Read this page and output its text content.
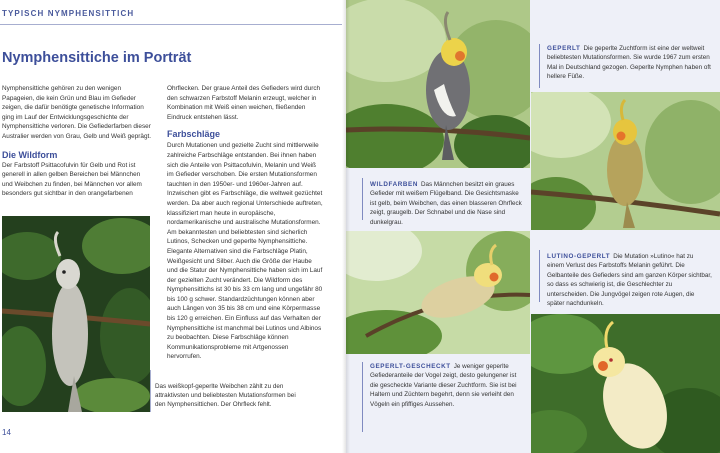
TYPISCH NYMPHENSITTICH
Nymphensittiche im Porträt

Nymphensittiche gehören zu den wenigen Papageien, die kein Grün und Blau im Gefieder zeigen, die dafür benötigte genetische Information ging im Lauf der Entwicklungsgeschichte der Nymphensittiche verloren. Die Gefiederfarben dieser Australier werden von Grau, Gelb und Weiß geprägt.

Die Wildform

Der Farbstoff Psittacofulvin für Gelb und Rot ist generell in allen gelben Bereichen bei Männchen und Weibchen zu finden, bei Männchen vor allem besonders gut sichtbar in den orangefarbenen

Ohrflecken. Der graue Anteil des Gefieders wird durch den schwarzen Farbstoff Melanin erzeugt, welcher in Kombination mit Weiß einen weichen, fließenden Eindruck entstehen lässt.

Farbschläge

Durch Mutationen und gezielte Zucht sind mittlerweile zahlreiche Farbschläge entstanden. Bei ihnen haben sich die Anteile von Psittacofulvin, Melanin und Weiß im Gefieder verschoben. Die ersten Mutationsformen tauchten in den 1950er- und 1960er-Jahren auf. Inzwischen gibt es Farbschläge, die weltweit gezüchtet werden. Da aber auch regional Unterschiede auftreten, klassifiziert man heute in europäische, nordamerikanische und australische Mutationsformen. Am bekanntesten und beliebtesten sind sicherlich Lutinos, Schecken und geperlte Nymphensittiche. Elegante Alternativen sind die Farbschläge Platin, Weißgesicht und Silber. Auch die Größe der Haube und die Statur der Nymphensittiche haben sich im Lauf der gezielten Zucht verändert. Die Wildform des Nymphensittichs ist 30 bis 33 cm lang und ungefähr 80 bis 100 g schwer. Standardzüchtungen können aber auch Längen von 35 bis 38 cm und eine Körpermasse bis 120 g erreichen. Ein Einfluss auf das Verhalten der Nymphensittiche ist manchmal bei Lutinos und Albinos zu beobachten. Diese Farbschläge können Kommunikationsprobleme mit Artgenossen hervorrufen.

Das weißkopf-geperlte Weibchen zählt zu den attraktivsten und beliebtesten Mutationsformen bei den Nymphensittichen. Der Ohrfleck fehlt.
14
GEPERLT Die geperlte Zuchtform ist eine der weltweit beliebtesten Mutationsformen. Sie wurde 1967 zum ersten Mal in Deutschland gezogen. Geperlte Nymphen haben oft hellere Füße.
WILDFARBEN Das Männchen besitzt ein graues Gefieder mit weißem Flügelband. Die Gesichtsmaske ist gelb, beim Weibchen, das einen blasseren Ohrfleck zeigt, graugelb. Der Schnabel und die Nase sind dunkelgrau.
LUTINO-GEPERLT Die Mutation »Lutino« hat zu einem Verlust des Farbstoffs Melanin geführt. Die Gelbanteile des Gefieders sind am ganzen Körper sichtbar, so dass es schwierig ist, die Geschlechter zu unterscheiden. Die Jungvögel zeigen rote Augen, die später nachdunkeln.
GEPERLT-GESCHECKT Je weniger geperlte Gefiederanteile der Vogel zeigt, desto gelungener ist die gescheckte Variante dieser Zuchtform. Sie ist bei Haltern und Züchtern begehrt, denn sie verleiht den Vögeln ein pfiffiges Aussehen.
